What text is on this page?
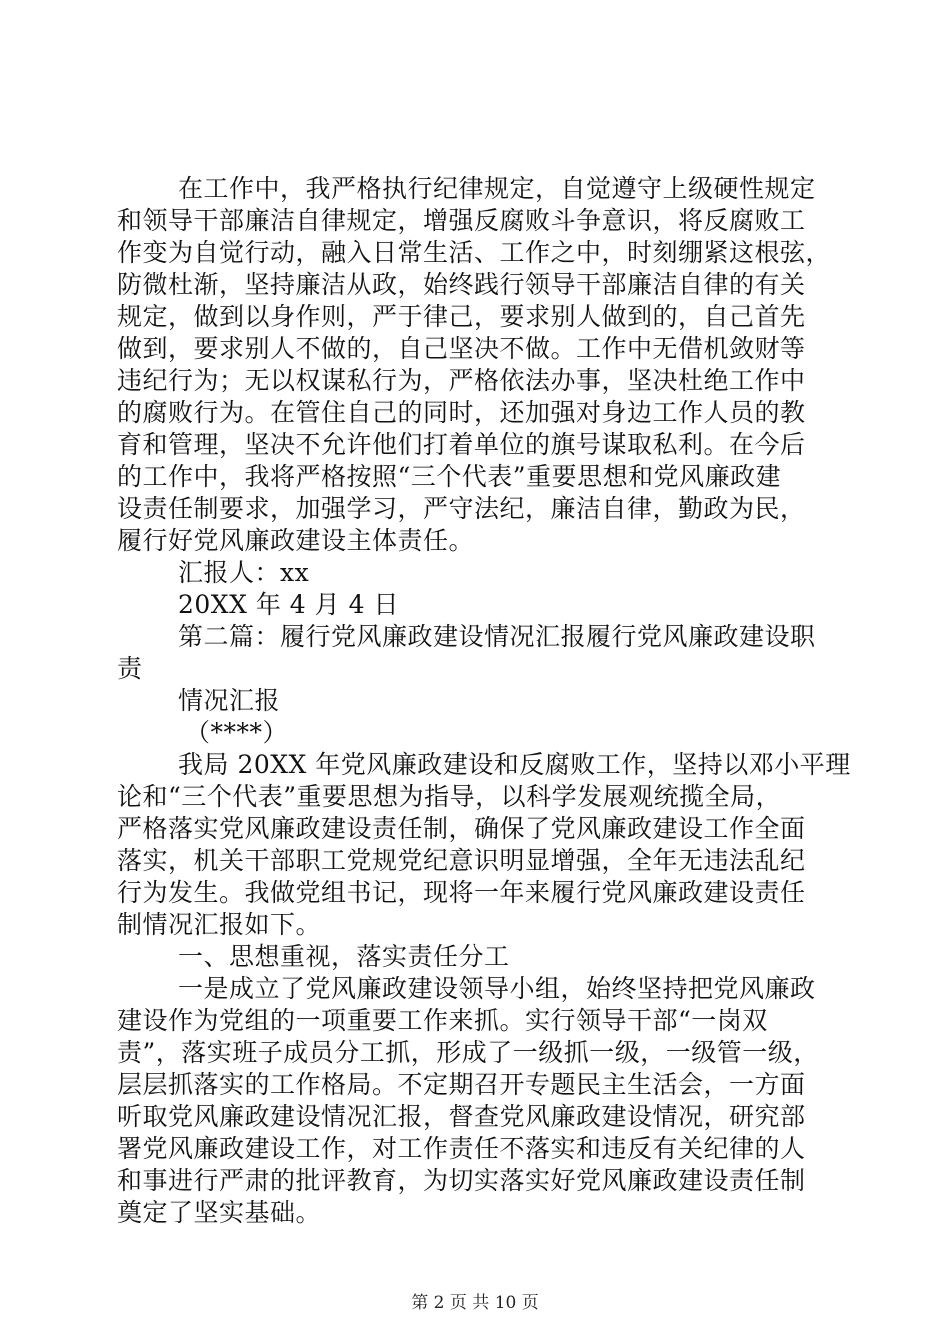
在工作中，我严格执行纪律规定，自觉遵守上级硬性规定
和领导干部廉洁自律规定，增强反腐败斗争意识，将反腐败工
作变为自觉行动，融入日常生活、工作之中，时刻绷紧这根弦，
防微杜渐，坚持廉洁从政，始终践行领导干部廉洁自律的有关
规定，做到以身作则，严于律己，要求别人做到的，自己首先
做到，要求别人不做的，自己坚决不做。工作中无借机敛财等
违纪行为；无以权谋私行为，严格依法办事，坚决杜绝工作中
的腐败行为。在管住自己的同时，还加强对身边工作人员的教
育和管理，坚决不允许他们打着单位的旗号谋取私利。在今后
的工作中，我将严格按照“三个代表”重要思想和党风廉政建
设责任制要求，加强学习，严守法纪，廉洁自律，勤政为民，
履行好党风廉政建设主体责任。
汇报人：xx
20XX 年 4 月 4 日
第二篇：履行党风廉政建设情况汇报履行党风廉政建设职
责
情况汇报
（****）
我局 20XX 年党风廉政建设和反腐败工作，坚持以邓小平理
论和“三个代表”重要思想为指导，以科学发展观统揽全局，
严格落实党风廉政建设责任制，确保了党风廉政建设工作全面
落实，机关干部职工党规党纪意识明显增强，全年无违法乱纪
行为发生。我做党组书记，现将一年来履行党风廉政建设责任
制情况汇报如下。
一、思想重视，落实责任分工
一是成立了党风廉政建设领导小组，始终坚持把党风廉政
建设作为党组的一项重要工作来抓。实行领导干部“一岗双
责”，落实班子成员分工抓，形成了一级抓一级，一级管一级，
层层抓落实的工作格局。不定期召开专题民主生活会，一方面
听取党风廉政建设情况汇报，督查党风廉政建设情况，研究部
署党风廉政建设工作，对工作责任不落实和违反有关纪律的人
和事进行严肃的批评教育，为切实落实好党风廉政建设责任制
奠定了坚实基础。
第 2 页 共 10 页
